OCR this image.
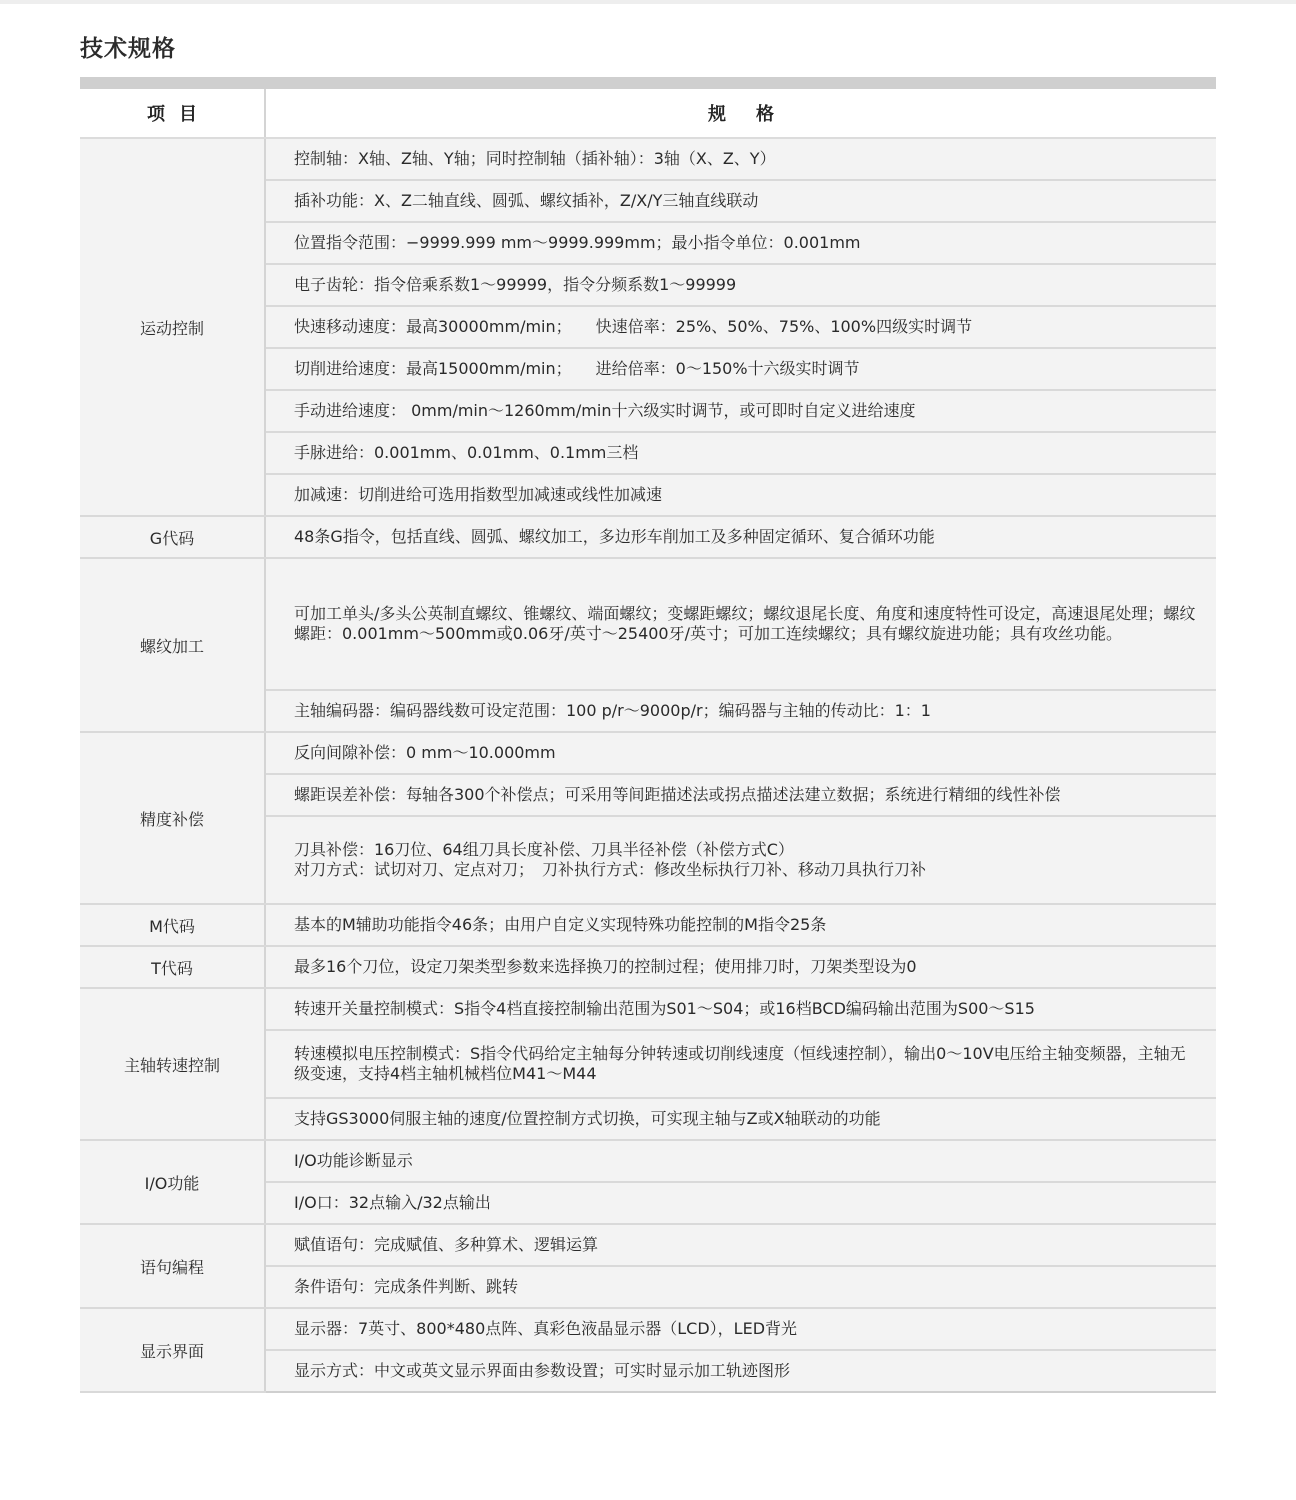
技术规格
项目	规格
运动控制	控制轴：X轴、Z轴、Y轴；同时控制轴（插补轴）：3轴（X、Z、Y）
	插补功能：X、Z二轴直线、圆弧、螺纹插补，Z/X/Y三轴直线联动
	位置指令范围：−9999.999 mm～9999.999mm；最小指令单位：0.001mm
	电子齿轮：指令倍乘系数1～99999，指令分频系数1～99999
	快速移动速度：最高30000mm/min；　　快速倍率：25%、50%、75%、100%四级实时调节
	切削进给速度：最高15000mm/min；　　进给倍率：0～150%十六级实时调节
	手动进给速度： 0mm/min～1260mm/min十六级实时调节，或可即时自定义进给速度
	手脉进给：0.001mm、0.01mm、0.1mm三档
	加减速：切削进给可选用指数型加减速或线性加减速
G代码	48条G指令，包括直线、圆弧、螺纹加工，多边形车削加工及多种固定循环、复合循环功能
螺纹加工	可加工单头/多头公英制直螺纹、锥螺纹、端面螺纹；变螺距螺纹；螺纹退尾长度、角度和速度特性可设定，高速退尾处理；螺纹螺距：0.001mm～500mm或0.06牙/英寸～25400牙/英寸；可加工连续螺纹；具有螺纹旋进功能；具有攻丝功能。
	主轴编码器：编码器线数可设定范围：100 p/r～9000p/r；编码器与主轴的传动比：1：1
精度补偿	反向间隙补偿：0 mm～10.000mm
	螺距误差补偿：每轴各300个补偿点；可采用等间距描述法或拐点描述法建立数据；系统进行精细的线性补偿

	刀具补偿：16刀位、64组刀具长度补偿、刀具半径补偿（补偿方式C）
对刀方式：试切对刀、定点对刀；　刀补执行方式：修改坐标执行刀补、移动刀具执行刀补

M代码	基本的M辅助功能指令46条；由用户自定义实现特殊功能控制的M指令25条
T代码	最多16个刀位，设定刀架类型参数来选择换刀的控制过程；使用排刀时，刀架类型设为0
主轴转速控制	转速开关量控制模式：S指令4档直接控制输出范围为S01～S04；或16档BCD编码输出范围为S00～S15
	转速模拟电压控制模式：S指令代码给定主轴每分钟转速或切削线速度（恒线速控制），输出0～10V电压给主轴变频器，主轴无级变速，支持4档主轴机械档位M41～M44
	支持GS3000伺服主轴的速度/位置控制方式切换，可实现主轴与Z或X轴联动的功能
I/O功能	I/O功能诊断显示
	I/O口：32点输入/32点输出
语句编程	赋值语句：完成赋值、多种算术、逻辑运算
	条件语句：完成条件判断、跳转
显示界面	显示器：7英寸、800*480点阵、真彩色液晶显示器（LCD），LED背光
	显示方式：中文或英文显示界面由参数设置；可实时显示加工轨迹图形
